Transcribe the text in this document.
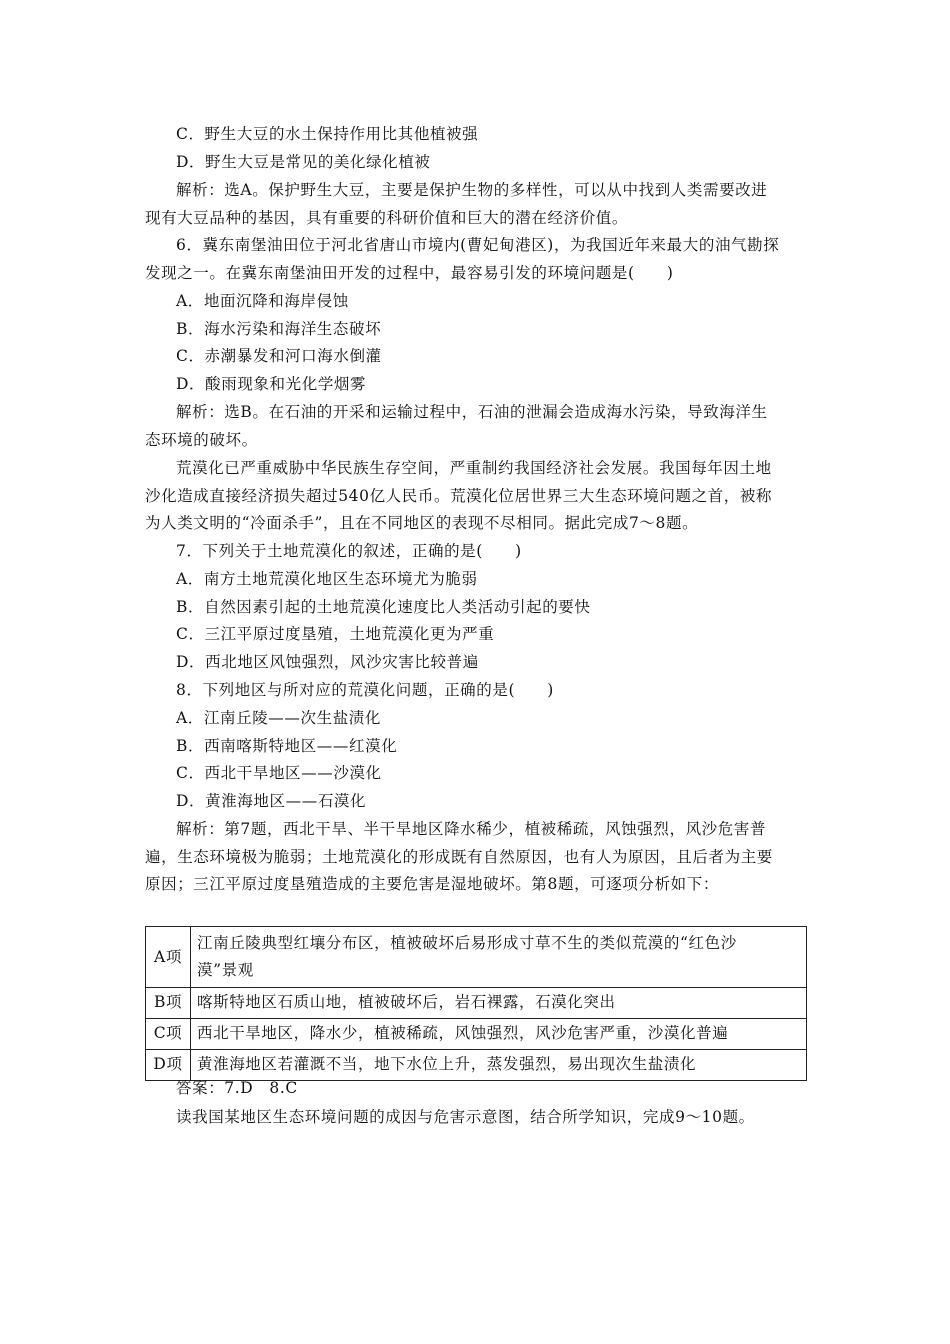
C．野生大豆的水土保持作用比其他植被强
D．野生大豆是常见的美化绿化植被
解析：选A。保护野生大豆，主要是保护生物的多样性，可以从中找到人类需要改进
现有大豆品种的基因，具有重要的科研价值和巨大的潜在经济价值。
6．冀东南堡油田位于河北省唐山市境内(曹妃甸港区)，为我国近年来最大的油气勘探
发现之一。在冀东南堡油田开发的过程中，最容易引发的环境问题是(　　)
A．地面沉降和海岸侵蚀
B．海水污染和海洋生态破坏
C．赤潮暴发和河口海水倒灌
D．酸雨现象和光化学烟雾
解析：选B。在石油的开采和运输过程中，石油的泄漏会造成海水污染，导致海洋生
态环境的破坏。
荒漠化已严重威胁中华民族生存空间，严重制约我国经济社会发展。我国每年因土地
沙化造成直接经济损失超过540亿人民币。荒漠化位居世界三大生态环境问题之首，被称
为人类文明的“冷面杀手”，且在不同地区的表现不尽相同。据此完成7～8题。
7．下列关于土地荒漠化的叙述，正确的是(　　)
A．南方土地荒漠化地区生态环境尤为脆弱
B．自然因素引起的土地荒漠化速度比人类活动引起的要快
C．三江平原过度垦殖，土地荒漠化更为严重
D．西北地区风蚀强烈，风沙灾害比较普遍
8．下列地区与所对应的荒漠化问题，正确的是(　　)
A．江南丘陵——次生盐渍化
B．西南喀斯特地区——红漠化
C．西北干旱地区——沙漠化
D．黄淮海地区——石漠化
解析：第7题，西北干旱、半干旱地区降水稀少，植被稀疏，风蚀强烈，风沙危害普
遍，生态环境极为脆弱；土地荒漠化的形成既有自然原因，也有人为原因，且后者为主要
原因；三江平原过度垦殖造成的主要危害是湿地破坏。第8题，可逐项分析如下：
A项	江南丘陵典型红壤分布区，植被破坏后易形成寸草不生的类似荒漠的“红色沙
漠”景观
B项	喀斯特地区石质山地，植被破坏后，岩石裸露，石漠化突出
C项	西北干旱地区，降水少，植被稀疏，风蚀强烈，风沙危害严重，沙漠化普遍
D项	黄淮海地区若灌溉不当，地下水位上升，蒸发强烈，易出现次生盐渍化
答案：7.D　8.C
读我国某地区生态环境问题的成因与危害示意图，结合所学知识，完成9～10题。
